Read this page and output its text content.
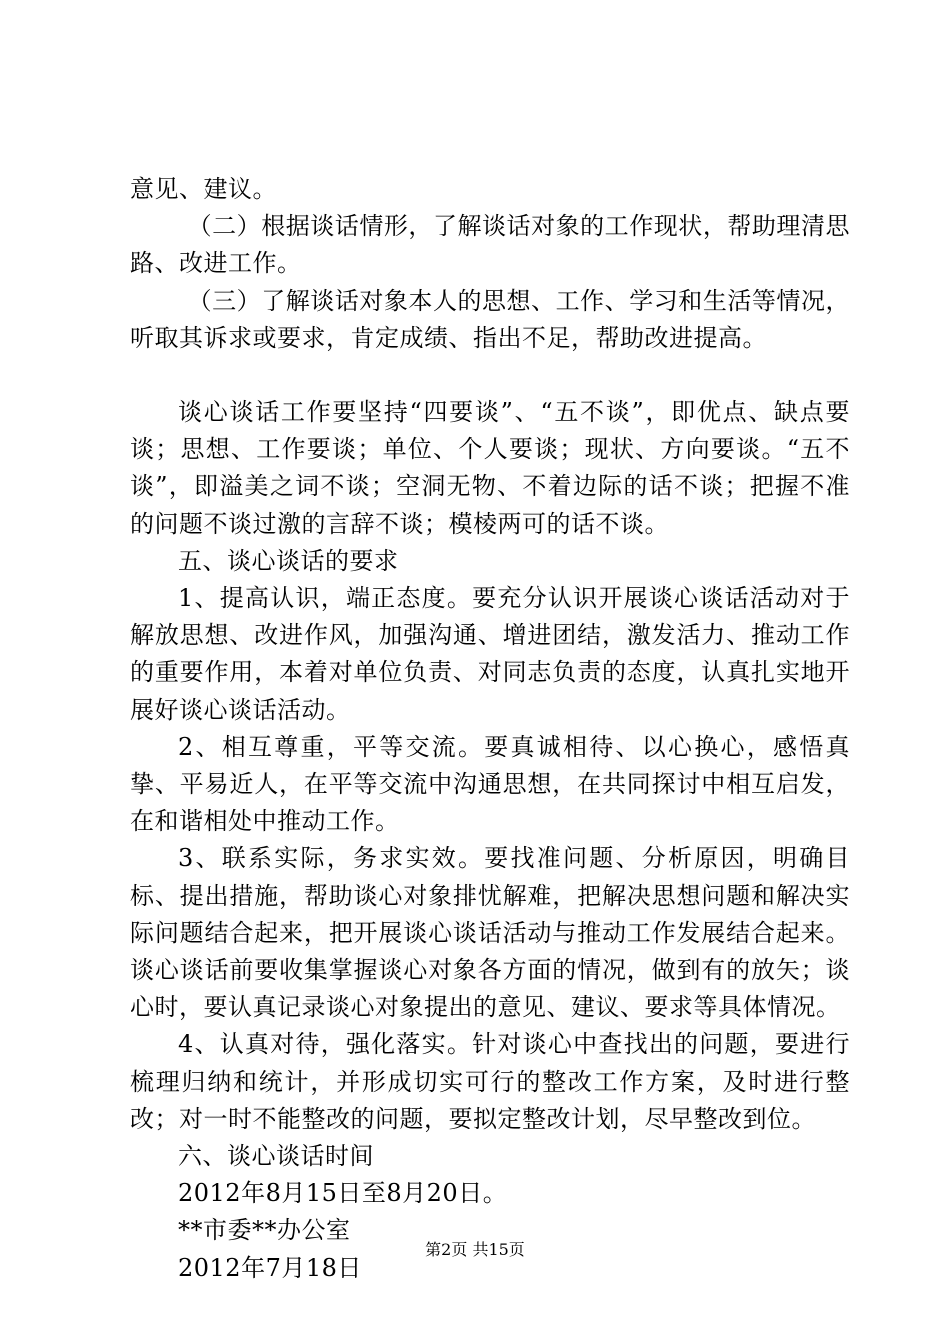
意见、建议。

（二）根据谈话情形，了解谈话对象的工作现状，帮助理清思路、改进工作。

（三）了解谈话对象本人的思想、工作、学习和生活等情况，听取其诉求或要求，肯定成绩、指出不足，帮助改进提高。

谈心谈话工作要坚持“四要谈”、“五不谈”，即优点、缺点要谈；思想、工作要谈；单位、个人要谈；现状、方向要谈。“五不谈”，即溢美之词不谈；空洞无物、不着边际的话不谈；把握不准的问题不谈过激的言辞不谈；模棱两可的话不谈。

五、谈心谈话的要求

1、提高认识，端正态度。要充分认识开展谈心谈话活动对于解放思想、改进作风，加强沟通、增进团结，激发活力、推动工作的重要作用，本着对单位负责、对同志负责的态度，认真扎实地开展好谈心谈话活动。

2、相互尊重，平等交流。要真诚相待、以心换心，感悟真挚、平易近人，在平等交流中沟通思想，在共同探讨中相互启发，在和谐相处中推动工作。

3、联系实际，务求实效。要找准问题、分析原因，明确目标、提出措施，帮助谈心对象排忧解难，把解决思想问题和解决实际问题结合起来，把开展谈心谈话活动与推动工作发展结合起来。谈心谈话前要收集掌握谈心对象各方面的情况，做到有的放矢；谈心时，要认真记录谈心对象提出的意见、建议、要求等具体情况。

4、认真对待，强化落实。针对谈心中查找出的问题，要进行梳理归纳和统计，并形成切实可行的整改工作方案，及时进行整改；对一时不能整改的问题，要拟定整改计划，尽早整改到位。

六、谈心谈话时间

2012年8月15日至8月20日。

**市委**办公室

2012年7月18日

第2页 共15页
